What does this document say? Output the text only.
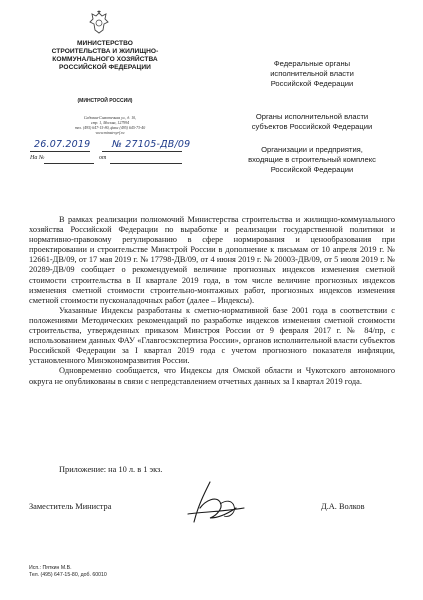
МИНИСТЕРСТВО
СТРОИТЕЛЬСТВА И ЖИЛИЩНО-
КОММУНАЛЬНОГО ХОЗЯЙСТВА
РОССИЙСКОЙ ФЕДЕРАЦИИ
(МИНСТРОЙ РОССИИ)
Садовая-Самотечная ул., д. 10,
стр. 1, Москва, 127994
тел. (495) 647-15-80, факс (495) 645-73-40
www.minstroyrf.ru
26.07.2019 № 27105-ДВ/09
На №	от
Федеральные органы
исполнительной власти
Российской Федерации
Органы исполнительной власти
субъектов Российской Федерации
Организации и предприятия,
входящие в строительный комплекс
Российской Федерации

В рамках реализации полномочий Министерства строительства и жилищно-коммунального хозяйства Российской Федерации по выработке и реализации государственной политики и нормативно-правовому регулированию в сфере нормирования и ценообразования при проектировании и строительстве Минстрой России в дополнение к письмам от 10 апреля 2019 г. № 12661-ДВ/09, от 17 мая 2019 г. № 17798-ДВ/09, от 4 июня 2019 г. № 20003-ДВ/09, от 5 июля 2019 г. № 20289-ДВ/09 сообщает о рекомендуемой величине прогнозных индексов изменения сметной стоимости строительства в II квартале 2019 года, в том числе величине прогнозных индексов изменения сметной стоимости строительно-монтажных работ, прогнозных индексов изменения сметной стоимости пусконаладочных работ (далее – Индексы).

Указанные Индексы разработаны к сметно-нормативной базе 2001 года в соответствии с положениями Методических рекомендаций по разработке индексов изменения сметной стоимости строительства, утвержденных приказом Минстроя России от 9 февраля 2017 г. № 84/пр, с использованием данных ФАУ «Главгосэкспертиза России», органов исполнительной власти субъектов Российской Федерации за I квартал 2019 года с учетом прогнозного показателя инфляции, установленного Минэкономразвития России.

Одновременно сообщается, что Индексы для Омской области и Чукотского автономного округа не опубликованы в связи с непредставлением отчетных данных за I квартал 2019 года.

Приложение: на 10 л. в 1 экз.
Заместитель Министра	Д.А. Волков
Исп.: Пяткин М.В.
Тел. (495) 647-15-80, доб. 60010
